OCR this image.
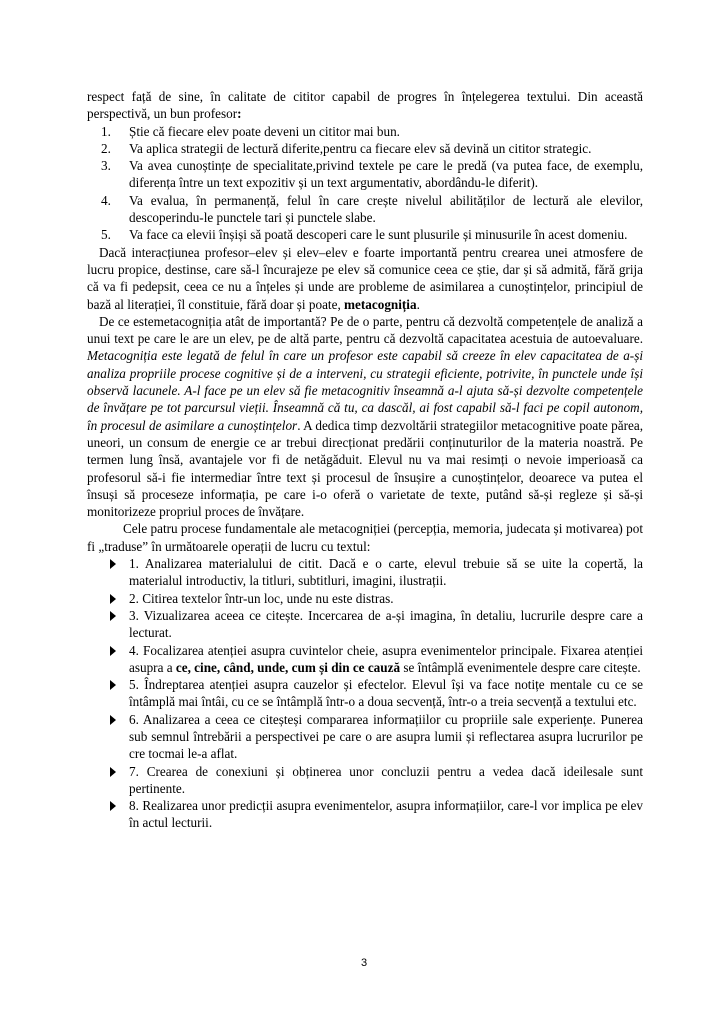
respect față de sine, în calitate de cititor capabil de progres în înțelegerea textului. Din această perspectivă, un bun profesor:

1. Știe că fiecare elev poate deveni un cititor mai bun.
2. Va aplica strategii de lectură diferite,pentru ca fiecare elev să devină un cititor strategic.
3. Va avea cunoștințe de specialitate,privind textele pe care le predă (va putea face, de exemplu, diferența între un text expozitiv și un text argumentativ, abordându-le diferit).
4. Va evalua, în permanență, felul în care crește nivelul abilităților de lectură ale elevilor, descoperindu-le punctele tari și punctele slabe.
5. Va face ca elevii înșiși să poată descoperi care le sunt plusurile și minusurile în acest domeniu.

Dacă interacțiunea profesor–elev și elev–elev e foarte importantă pentru crearea unei atmosfere de lucru propice, destinse, care să-l încurajeze pe elev să comunice ceea ce știe, dar și să admită, fără grija că va fi pedepsit, ceea ce nu a înțeles și unde are probleme de asimilarea a cunoștințelor, principiul de bază al literației, îl constituie, fără doar și poate, metacogniția.

De ce estemetacogniția atât de importantă? Pe de o parte, pentru că dezvoltă competențele de analiză a unui text pe care le are un elev, pe de altă parte, pentru că dezvoltă capacitatea acestuia de autoevaluare. Metacogniția este legată de felul în care un profesor este capabil să creeze în elev capacitatea de a-și analiza propriile procese cognitive și de a interveni, cu strategii eficiente, potrivite, în punctele unde își observă lacunele. A-l face pe un elev să fie metacognitiv înseamnă a-l ajuta să-și dezvolte competențele de învățare pe tot parcursul vieții. Înseamnă că tu, ca dascăl, ai fost capabil să-l faci pe copil autonom, în procesul de asimilare a cunoștințelor. A dedica timp dezvoltării strategiilor metacognitive poate părea, uneori, un consum de energie ce ar trebui direcționat predării conținuturilor de la materia noastră. Pe termen lung însă, avantajele vor fi de netăgăduit. Elevul nu va mai resimți o nevoie imperioasă ca profesorul să-i fie intermediar între text și procesul de însușire a cunoștințelor, deoarece va putea el însuși să proceseze informația, pe care i-o oferă o varietate de texte, putând să-și regleze și să-și monitorizeze propriul proces de învățare.

Cele patru procese fundamentale ale metacogniției (percepția, memoria, judecata și motivarea) pot fi „traduse” în următoarele operații de lucru cu textul:

1. Analizarea materialului de citit. Dacă e o carte, elevul trebuie să se uite la copertă, la materialul introductiv, la titluri, subtitluri, imagini, ilustrații.
2. Citirea textelor într-un loc, unde nu este distras.
3. Vizualizarea aceea ce citește. Incercarea de a-și imagina, în detaliu, lucrurile despre care a lecturat.
4. Focalizarea atenției asupra cuvintelor cheie, asupra evenimentelor principale. Fixarea atenției asupra a ce, cine, când, unde, cum și din ce cauză se întâmplă evenimentele despre care citește.
5. Îndreptarea atenției asupra cauzelor și efectelor. Elevul își va face notițe mentale cu ce se întâmplă mai întâi, cu ce se întâmplă într-o a doua secvență, într-o a treia secvență a textului etc.
6. Analizarea a ceea ce citeșteși compararea informațiilor cu propriile sale experiențe. Punerea sub semnul întrebării a perspectivei pe care o are asupra lumii și reflectarea asupra lucrurilor pe cre tocmai le-a aflat.
7. Crearea de conexiuni și obținerea unor concluzii pentru a vedea dacă ideilesale sunt pertinente.
8. Realizarea unor predicții asupra evenimentelor, asupra informațiilor, care-l vor implica pe elev în actul lecturii.
3
